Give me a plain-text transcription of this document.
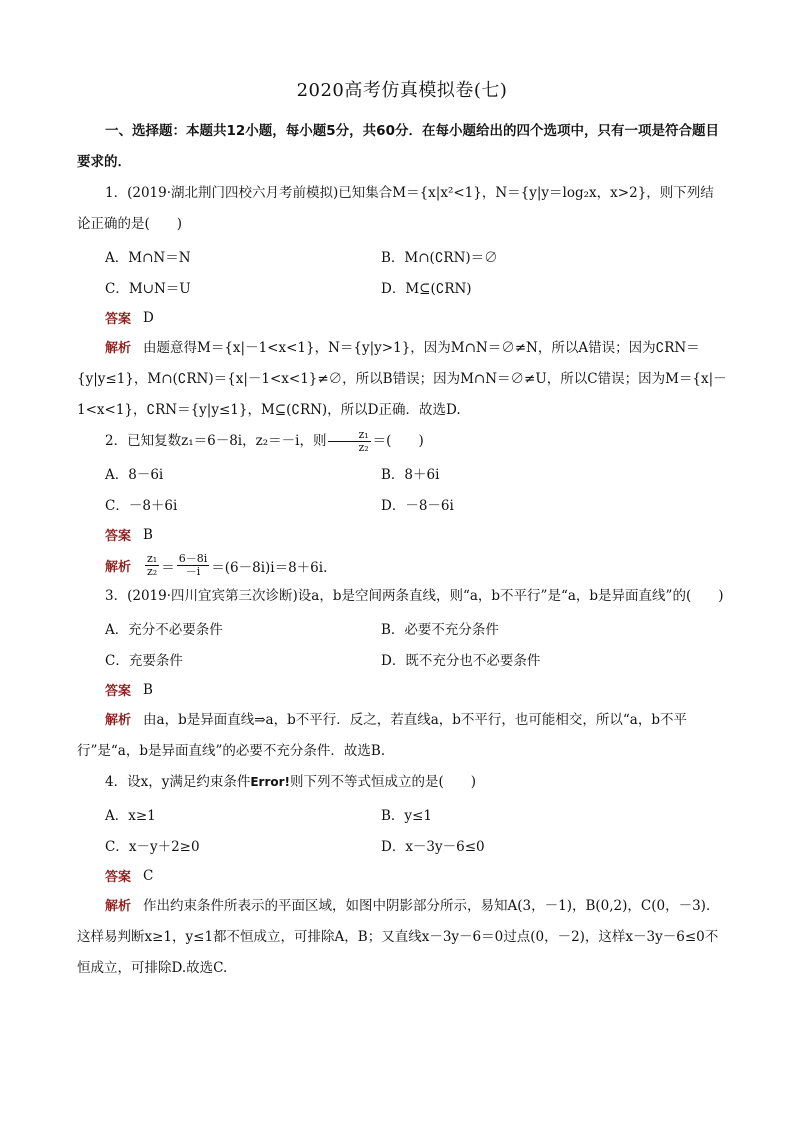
2020高考仿真模拟卷(七)

一、选择题：本题共12小题，每小题5分，共60分．在每小题给出的四个选项中，只有一项是符合题目要求的．

1．(2019·湖北荆门四校六月考前模拟)已知集合M＝{x|x²<1}，N＝{y|y＝log₂x，x>2}，则下列结论正确的是(　　)

A．M∩N＝N	B．M∩(∁RN)＝∅
C．M∪N＝U	D．M⊆(∁RN)
答案 D

解析 由题意得M＝{x|－1<x<1}，N＝{y|y>1}，因为M∩N＝∅≠N，所以A错误；因为∁RN＝{y|y≤1}，M∩(∁RN)＝{x|－1<x<1}≠∅，所以B错误；因为M∩N＝∅≠U，所以C错误；因为M＝{x|－1<x<1}，∁RN＝{y|y≤1}，M⊆(∁RN)，所以D正确．故选D.

2．已知复数z₁＝6－8i，z₂＝－i，则 $\frac{\text{z₁}}{\text{z₂}}$ ＝(　　)

A．8－6i	B．8＋6i
C．－8＋6i	D．－8－6i
答案 B
解析 $\frac{\text{z₁}}{\text{z₂}} = \frac{6-8i}{-i} =(6-8i)i=8+6i$.

3．(2019·四川宜宾第三次诊断)设a，b是空间两条直线，则“a，b不平行”是“a，b是异面直线”的(　　)

A．充分不必要条件	B．必要不充分条件
C．充要条件	D．既不充分也不必要条件
答案 B

解析 由a，b是异面直线⇒a，b不平行．反之，若直线a，b不平行，也可能相交，所以“a，b不平行”是“a，b是异面直线”的必要不充分条件．故选B.

4．设x，y满足约束条件Error!则下列不等式恒成立的是(　　)

A．x≥1	B．y≤1
C．x－y＋2≥0	D．x－3y－6≤0
答案 C

解析 作出约束条件所表示的平面区域，如图中阴影部分所示，易知A(3，－1)，B(0,2)，C(0，－3)．这样易判断x≥1，y≤1都不恒成立，可排除A，B；又直线x－3y－6＝0过点(0，－2)，这样x－3y－6≤0不恒成立，可排除D.故选C.
